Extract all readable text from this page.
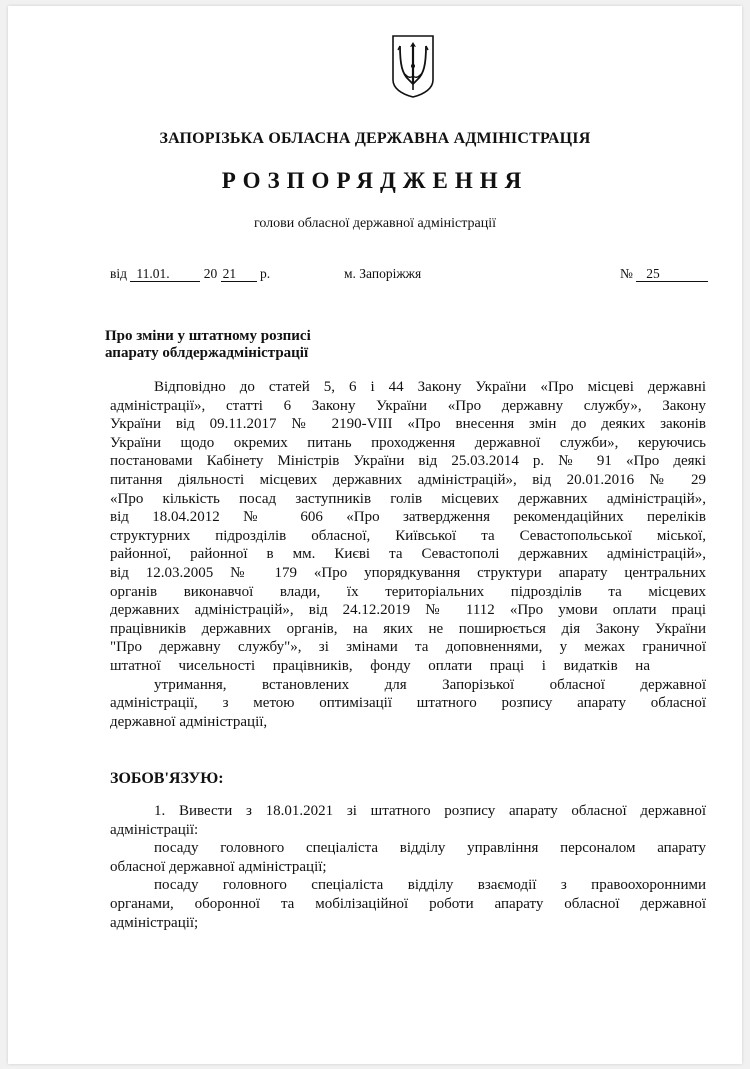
ЗАПОРІЗЬКА ОБЛАСНА ДЕРЖАВНА АДМІНІСТРАЦІЯ
РОЗПОРЯДЖЕННЯ
голови обласної державної адміністрації
від 11.01.	20 21 р.	м. Запоріжжя	№ 25
Про зміни у штатному розписі
апарату облдержадміністрації
Відповідно до статей 5, 6 і 44 Закону України «Про місцеві державні
адміністрації», статті 6 Закону України «Про державну службу», Закону
України від 09.11.2017 № 2190-VIII «Про внесення змін до деяких законів
України щодо окремих питань проходження державної служби», керуючись
постановами Кабінету Міністрів України від 25.03.2014 р. № 91 «Про деякі
питання діяльності місцевих державних адміністрацій», від 20.01.2016 № 29
«Про кількість посад заступників голів місцевих державних адміністрацій»,
від 18.04.2012 № 606 «Про затвердження рекомендаційних переліків
структурних підрозділів обласної, Київської та Севастопольської міської,
районної, районної в мм. Києві та Севастополі державних адміністрацій»,
від 12.03.2005 № 179 «Про упорядкування структури апарату центральних
органів виконавчої влади, їх територіальних підрозділів та місцевих
державних адміністрацій», від 24.12.2019 № 1112 «Про умови оплати праці
працівників державних органів, на яких не поширюється дія Закону України
"Про державну службу"», зі змінами та доповненнями, у межах граничної
штатної чисельності працівників, фонду оплати праці і видатків на
утримання, встановлених для Запорізької обласної державної
адміністрації, з метою оптимізації штатного розпису апарату обласної
державної адміністрації,
ЗОБОВ'ЯЗУЮ:
1. Вивести з 18.01.2021 зі штатного розпису апарату обласної державної
адміністрації:
посаду головного спеціаліста відділу управління персоналом апарату
обласної державної адміністрації;
посаду головного спеціаліста відділу взаємодії з правоохоронними
органами, оборонної та мобілізаційної роботи апарату обласної державної
адміністрації;
